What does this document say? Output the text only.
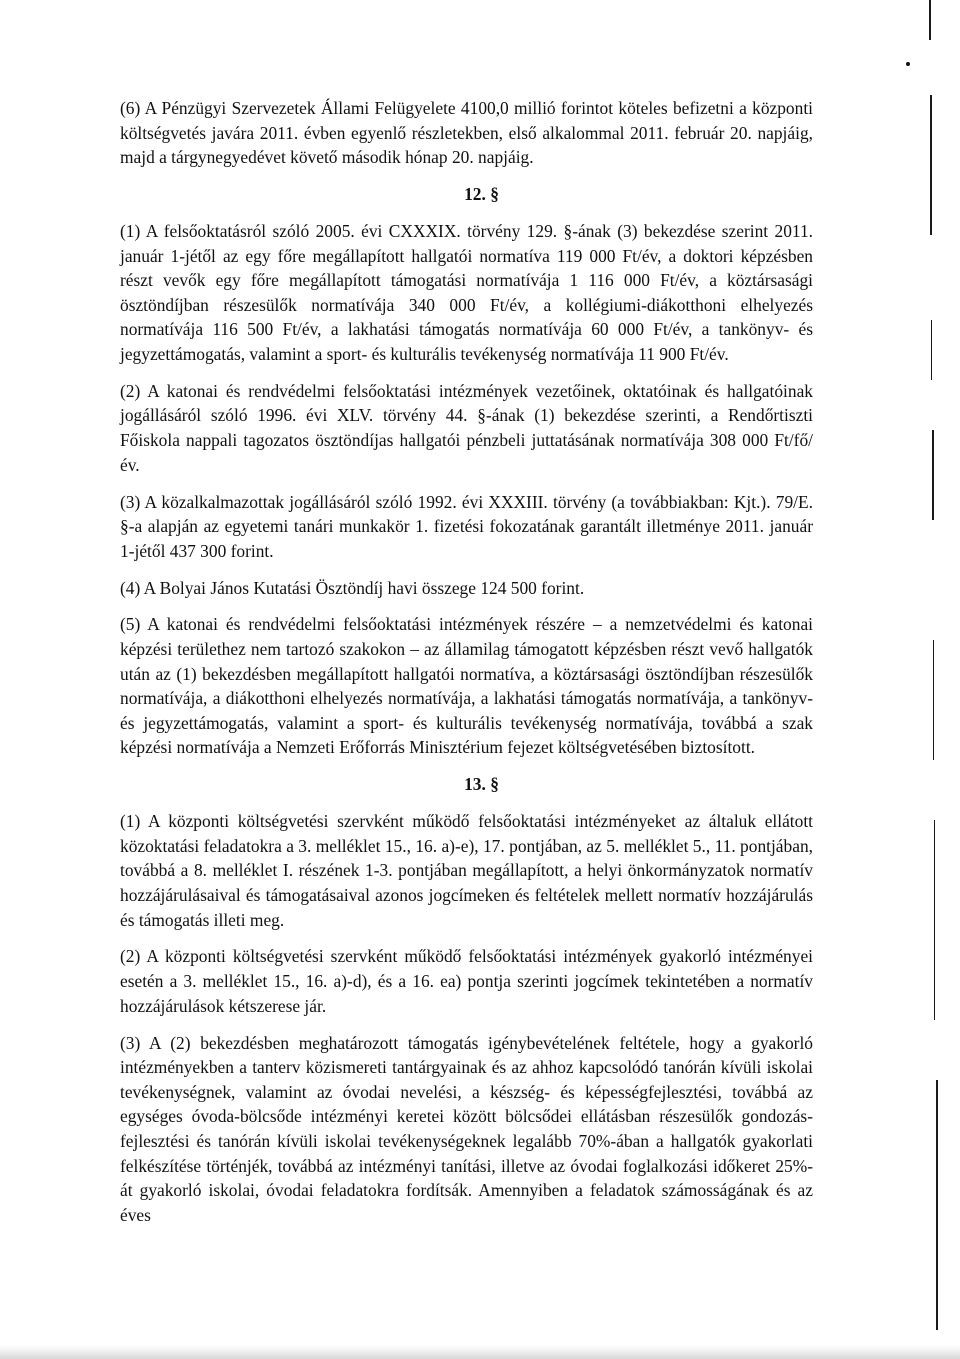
(6) A Pénzügyi Szervezetek Állami Felügyelete 4100,0 millió forintot köteles befizetni a központi költségvetés javára 2011. évben egyenlő részletekben, első alkalommal 2011. február 20. napjáig, majd a tárgynegyedévet követő második hónap 20. napjáig.

12. §

(1) A felsőoktatásról szóló 2005. évi CXXXIX. törvény 129. §-ának (3) bekezdése szerint 2011. január 1-jétől az egy főre megállapított hallgatói normatíva 119 000 Ft/év, a doktori képzésben részt vevők egy főre megállapított támogatási normatívája 1 116 000 Ft/év, a köztársasági ösztöndíjban részesülők normatívája 340 000 Ft/év, a kollégiumi-diákotthoni elhelyezés normatívája 116 500 Ft/év, a lakhatási támogatás normatívája 60 000 Ft/év, a tankönyv- és jegyzettámogatás, valamint a sport- és kulturális tevékenység normatívája 11 900 Ft/év.

(2) A katonai és rendvédelmi felsőoktatási intézmények vezetőinek, oktatóinak és hallgatóinak jogállásáról szóló 1996. évi XLV. törvény 44. §-ának (1) bekezdése szerinti, a Rendőrtiszti Főiskola nappali tagozatos ösztöndíjas hallgatói pénzbeli juttatásának normatívája 308 000 Ft/fő/év.

(3) A közalkalmazottak jogállásáról szóló 1992. évi XXXIII. törvény (a továbbiakban: Kjt.). 79/E. §-a alapján az egyetemi tanári munkakör 1. fizetési fokozatának garantált illetménye 2011. január 1-jétől 437 300 forint.

(4) A Bolyai János Kutatási Ösztöndíj havi összege 124 500 forint.

(5) A katonai és rendvédelmi felsőoktatási intézmények részére – a nemzetvédelmi és katonai képzési területhez nem tartozó szakokon – az államilag támogatott képzésben részt vevő hallgatók után az (1) bekezdésben megállapított hallgatói normatíva, a köztársasági ösztöndíjban részesülők normatívája, a diákotthoni elhelyezés normatívája, a lakhatási támogatás normatívája, a tankönyv- és jegyzettámogatás, valamint a sport- és kulturális tevékenység normatívája, továbbá a szak képzési normatívája a Nemzeti Erőforrás Minisztérium fejezet költségvetésében biztosított.

13. §

(1) A központi költségvetési szervként működő felsőoktatási intézményeket az általuk ellátott közoktatási feladatokra a 3. melléklet 15., 16. a)-e), 17. pontjában, az 5. melléklet 5., 11. pontjában, továbbá a 8. melléklet I. részének 1-3. pontjában megállapított, a helyi önkormányzatok normatív hozzájárulásaival és támogatásaival azonos jogcímeken és feltételek mellett normatív hozzájárulás és támogatás illeti meg.

(2) A központi költségvetési szervként működő felsőoktatási intézmények gyakorló intézményei esetén a 3. melléklet 15., 16. a)-d), és a 16. ea) pontja szerinti jogcímek tekintetében a normatív hozzájárulások kétszerese jár.

(3) A (2) bekezdésben meghatározott támogatás igénybevételének feltétele, hogy a gyakorló intézményekben a tanterv közismereti tantárgyainak és az ahhoz kapcsolódó tanórán kívüli iskolai tevékenységnek, valamint az óvodai nevelési, a készség- és képességfejlesztési, továbbá az egységes óvoda-bölcsőde intézményi keretei között bölcsődei ellátásban részesülők gondozás-fejlesztési és tanórán kívüli iskolai tevékenységeknek legalább 70%-ában a hallgatók gyakorlati felkészítése történjék, továbbá az intézményi tanítási, illetve az óvodai foglalkozási időkeret 25%-át gyakorló iskolai, óvodai feladatokra fordítsák. Amennyiben a feladatok számosságának és az éves
